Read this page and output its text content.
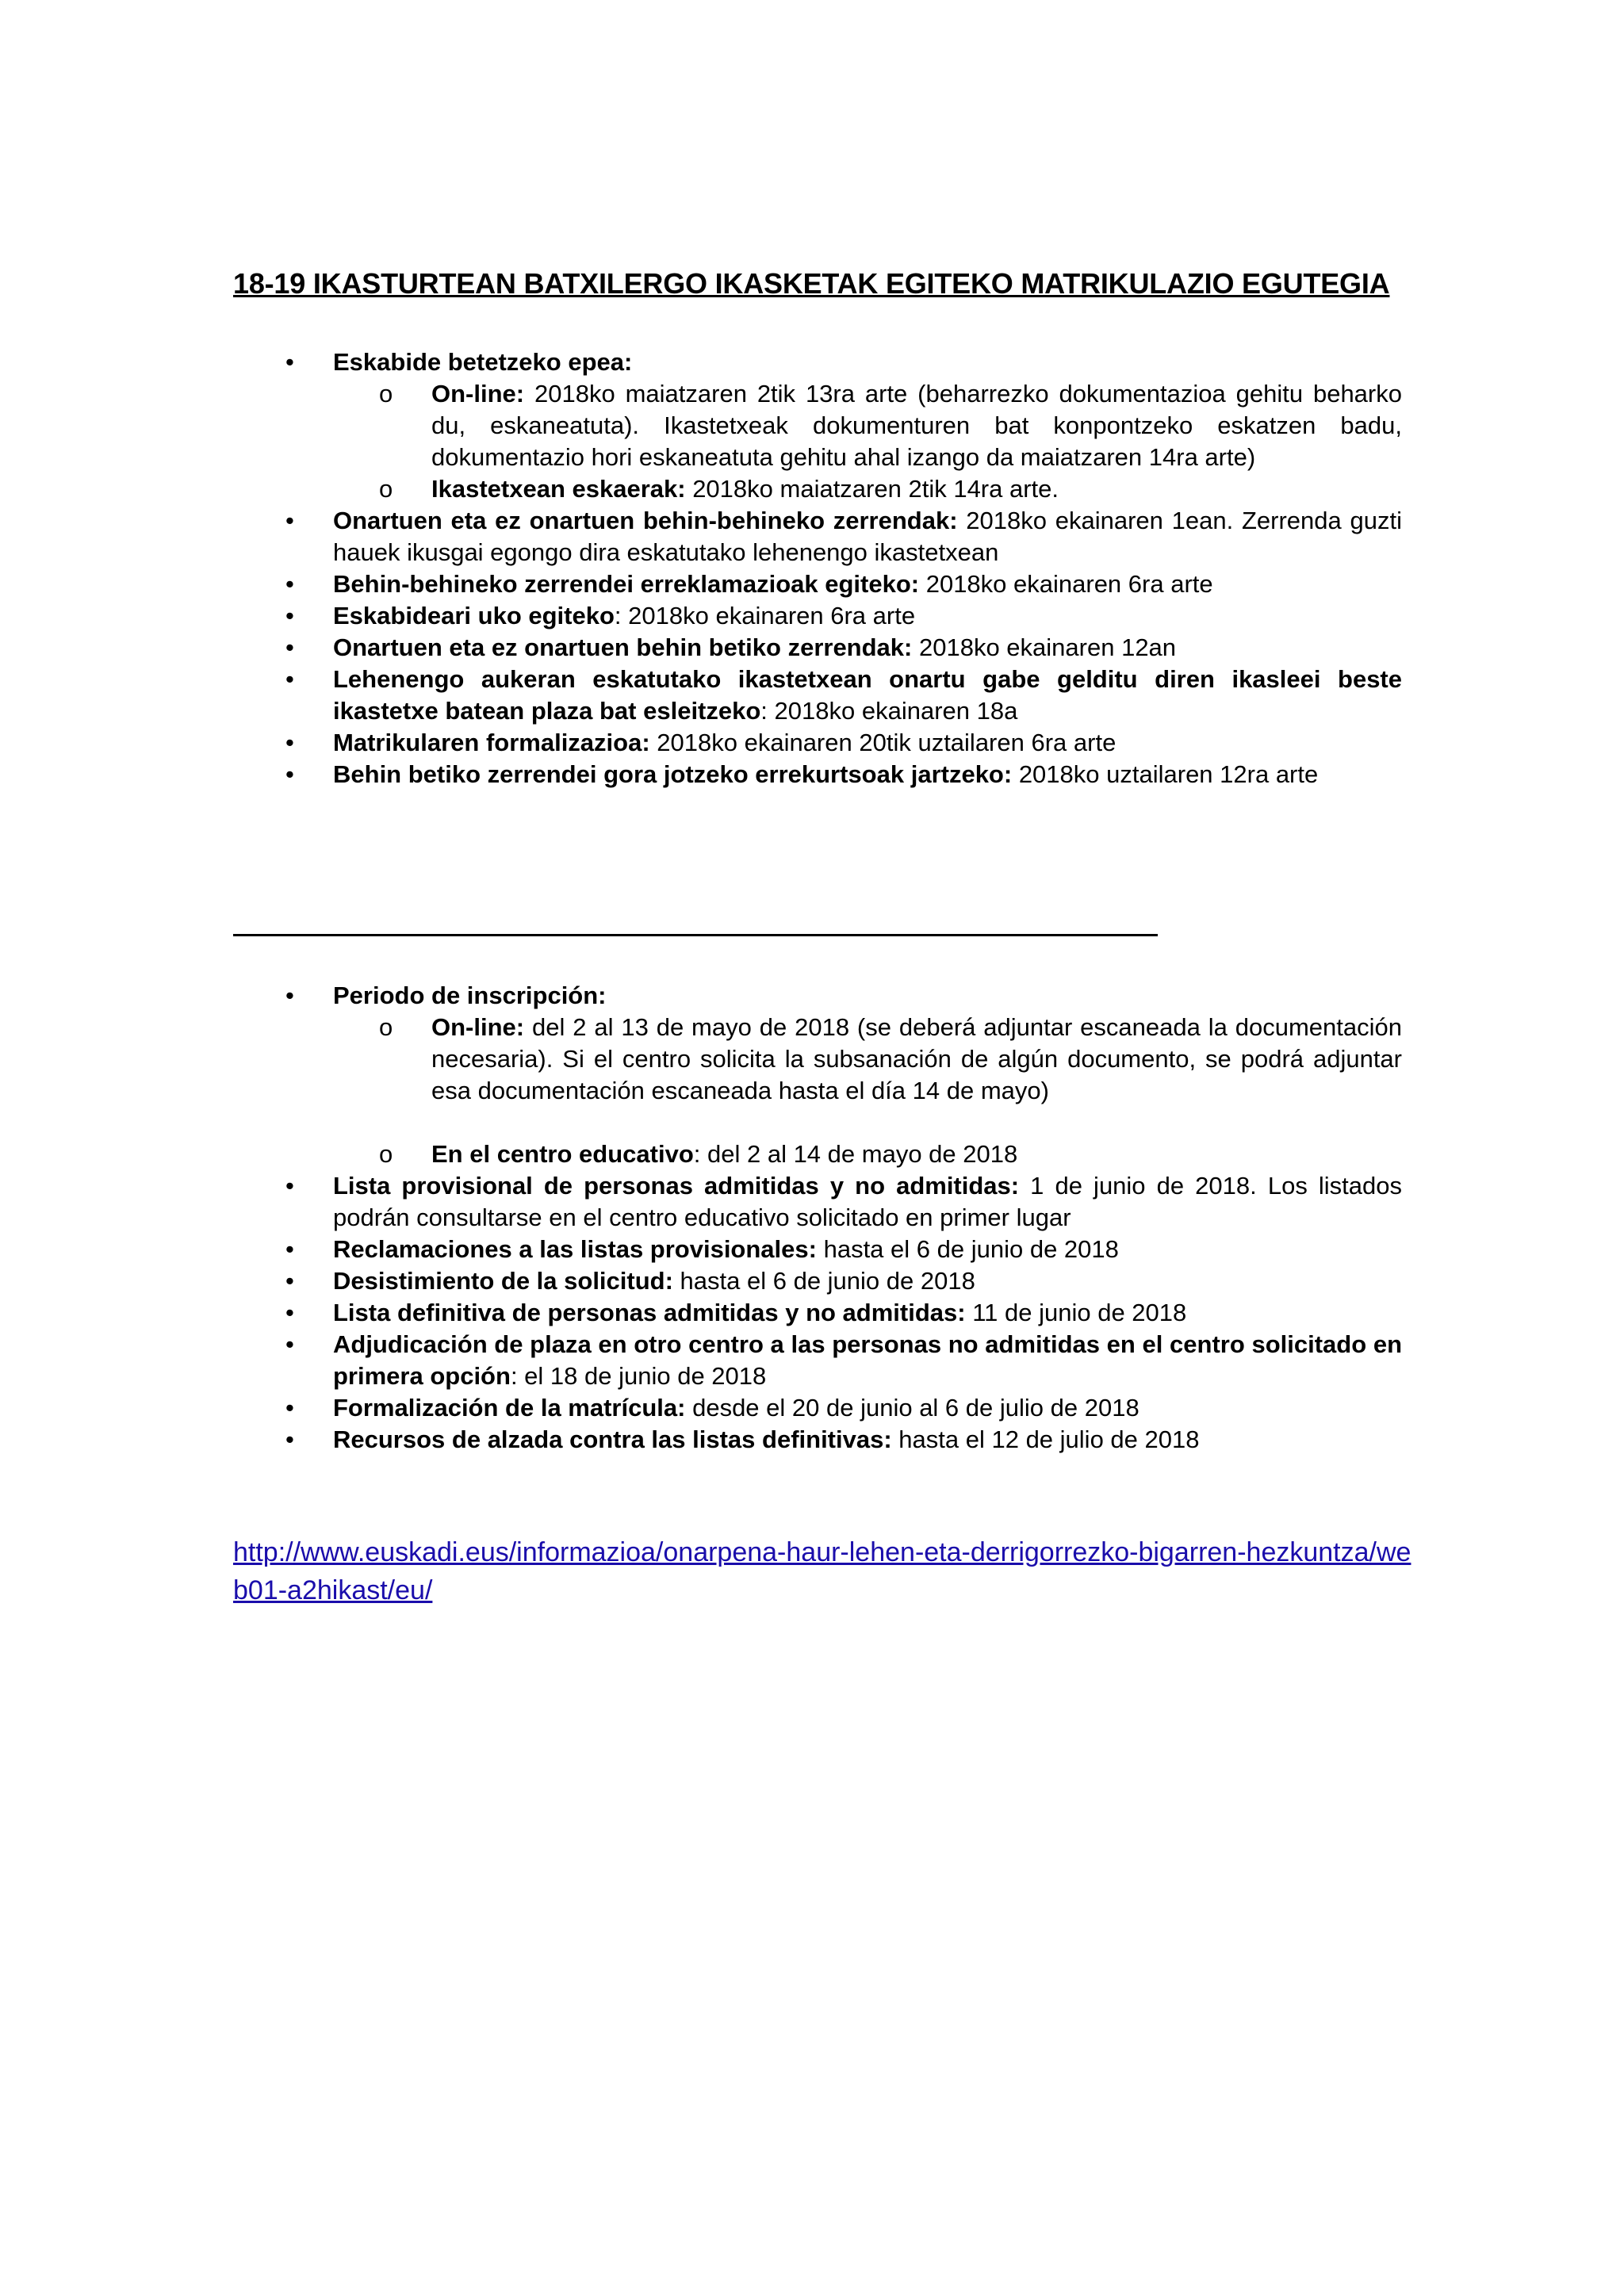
18-19 IKASTURTEAN BATXILERGO IKASKETAK EGITEKO MATRIKULAZIO EGUTEGIA
•	Eskabide betetzeko epea:
o	On-line: 2018ko maiatzaren 2tik 13ra arte (beharrezko dokumentazioa gehitu beharko du, eskaneatuta). Ikastetxeak dokumenturen bat konpontzeko eskatzen badu, dokumentazio hori eskaneatuta gehitu ahal izango da maiatzaren 14ra arte)
o	Ikastetxean eskaerak: 2018ko maiatzaren 2tik 14ra arte.
•	Onartuen eta ez onartuen behin-behineko zerrendak: 2018ko ekainaren 1ean. Zerrenda guzti hauek ikusgai egongo dira eskatutako lehenengo ikastetxean
•	Behin-behineko zerrendei erreklamazioak egiteko: 2018ko ekainaren 6ra arte
•	Eskabideari uko egiteko: 2018ko ekainaren 6ra arte
•	Onartuen eta ez onartuen behin betiko zerrendak: 2018ko ekainaren 12an
•	Lehenengo aukeran eskatutako ikastetxean onartu gabe gelditu diren ikasleei beste ikastetxe batean plaza bat esleitzeko: 2018ko ekainaren 18a
•	Matrikularen formalizazioa: 2018ko ekainaren 20tik uztailaren 6ra arte
•	Behin betiko zerrendei gora jotzeko errekurtsoak jartzeko: 2018ko uztailaren 12ra arte
•	Periodo de inscripción:
o	On-line: del 2 al 13 de mayo de 2018 (se deberá adjuntar escaneada la documentación necesaria). Si el centro solicita la subsanación de algún documento, se podrá adjuntar esa documentación escaneada hasta el día 14 de mayo)
o	En el centro educativo: del 2 al 14 de mayo de 2018
•	Lista provisional de personas admitidas y no admitidas: 1 de junio de 2018. Los listados podrán consultarse en el centro educativo solicitado en primer lugar
•	Reclamaciones a las listas provisionales: hasta el 6 de junio de 2018
•	Desistimiento de la solicitud: hasta el 6 de junio de 2018
•	Lista definitiva de personas admitidas y no admitidas: 11 de junio de 2018
•	Adjudicación de plaza en otro centro a las personas no admitidas en el centro solicitado en primera opción: el 18 de junio de 2018
•	Formalización de la matrícula: desde el 20 de junio al 6 de julio de 2018
•	Recursos de alzada contra las listas definitivas: hasta el 12 de julio de 2018
http://www.euskadi.eus/informazioa/onarpena-haur-lehen-eta-derrigorrezko-bigarren-hezkuntza/web01-a2hikast/eu/
